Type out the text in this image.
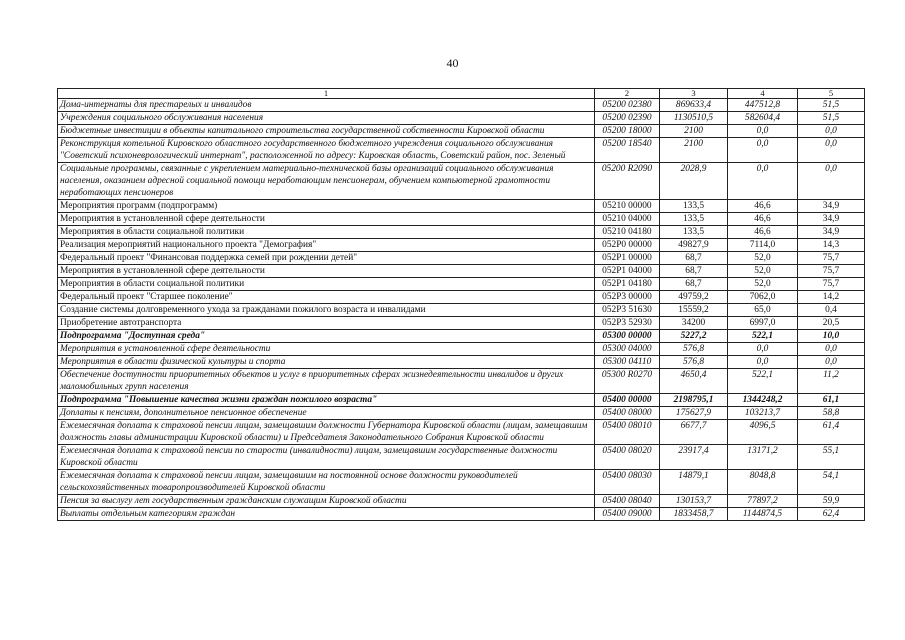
40
1	2	3	4	5
Дома-интернаты для престарелых и инвалидов	05200 02380	869633,4	447512,8	51,5
Учреждения социального обслуживания населения	05200 02390	1130510,5	582604,4	51,5
Бюджетные инвестиции в объекты капитального строительства государственной собственности Кировской области	05200 18000	2100	0,0	0,0
Реконструкция котельной Кировского областного государственного бюджетного учреждения социального обслуживания "Советский психоневрологический интернат", расположенной по адресу: Кировская область, Советский район, пос. Зеленый	05200 18540	2100	0,0	0,0
Социальные программы, связанные с укреплением материально-технической базы организаций социального обслуживания населения, оказанием адресной социальной помощи неработающим пенсионерам, обучением компьютерной грамотности неработающих пенсионеров	05200 R2090	2028,9	0,0	0,0
Мероприятия программ (подпрограмм)	05210 00000	133,5	46,6	34,9
Мероприятия в установленной сфере деятельности	05210 04000	133,5	46,6	34,9
Мероприятия в области социальной политики	05210 04180	133,5	46,6	34,9
Реализация мероприятий национального проекта "Демография"	052P0 00000	49827,9	7114,0	14,3
Федеральный проект "Финансовая поддержка семей при рождении детей"	052P1 00000	68,7	52,0	75,7
Мероприятия в установленной сфере деятельности	052P1 04000	68,7	52,0	75,7
Мероприятия в области социальной политики	052P1 04180	68,7	52,0	75,7
Федеральный проект "Старшее поколение"	052P3 00000	49759,2	7062,0	14,2
Создание системы долговременного ухода за гражданами пожилого возраста и инвалидами	052P3 51630	15559,2	65,0	0,4
Приобретение автотранспорта	052P3 52930	34200	6997,0	20,5
Подпрограмма "Доступная среда"	05300 00000	5227,2	522,1	10,0
Мероприятия в установленной сфере деятельности	05300 04000	576,8	0,0	0,0
Мероприятия в области физической культуры и спорта	05300 04110	576,8	0,0	0,0
Обеспечение доступности приоритетных объектов и услуг в приоритетных сферах жизнедеятельности инвалидов и других маломобильных групп населения	05300 R0270	4650,4	522,1	11,2
Подпрограмма "Повышение качества жизни граждан пожилого возраста"	05400 00000	2198795,1	1344248,2	61,1
Доплаты к пенсиям, дополнительное пенсионное обеспечение	05400 08000	175627,9	103213,7	58,8
Ежемесячная доплата к страховой пенсии лицам, замещавшим должности Губернатора Кировской области (лицам, замещавшим должность главы администрации Кировской области) и Председателя Законодательного Собрания Кировской области	05400 08010	6677,7	4096,5	61,4
Ежемесячная доплата к страховой пенсии по старости (инвалидности) лицам, замещавшим государственные должности Кировской области	05400 08020	23917,4	13171,2	55,1
Ежемесячная доплата к страховой пенсии лицам, замещавшим на постоянной основе должности руководителей сельскохозяйственных товаропроизводителей Кировской области	05400 08030	14879,1	8048,8	54,1
Пенсия за выслугу лет государственным гражданским служащим Кировской области	05400 08040	130153,7	77897,2	59,9
Выплаты отдельным категориям граждан	05400 09000	1833458,7	1144874,5	62,4
